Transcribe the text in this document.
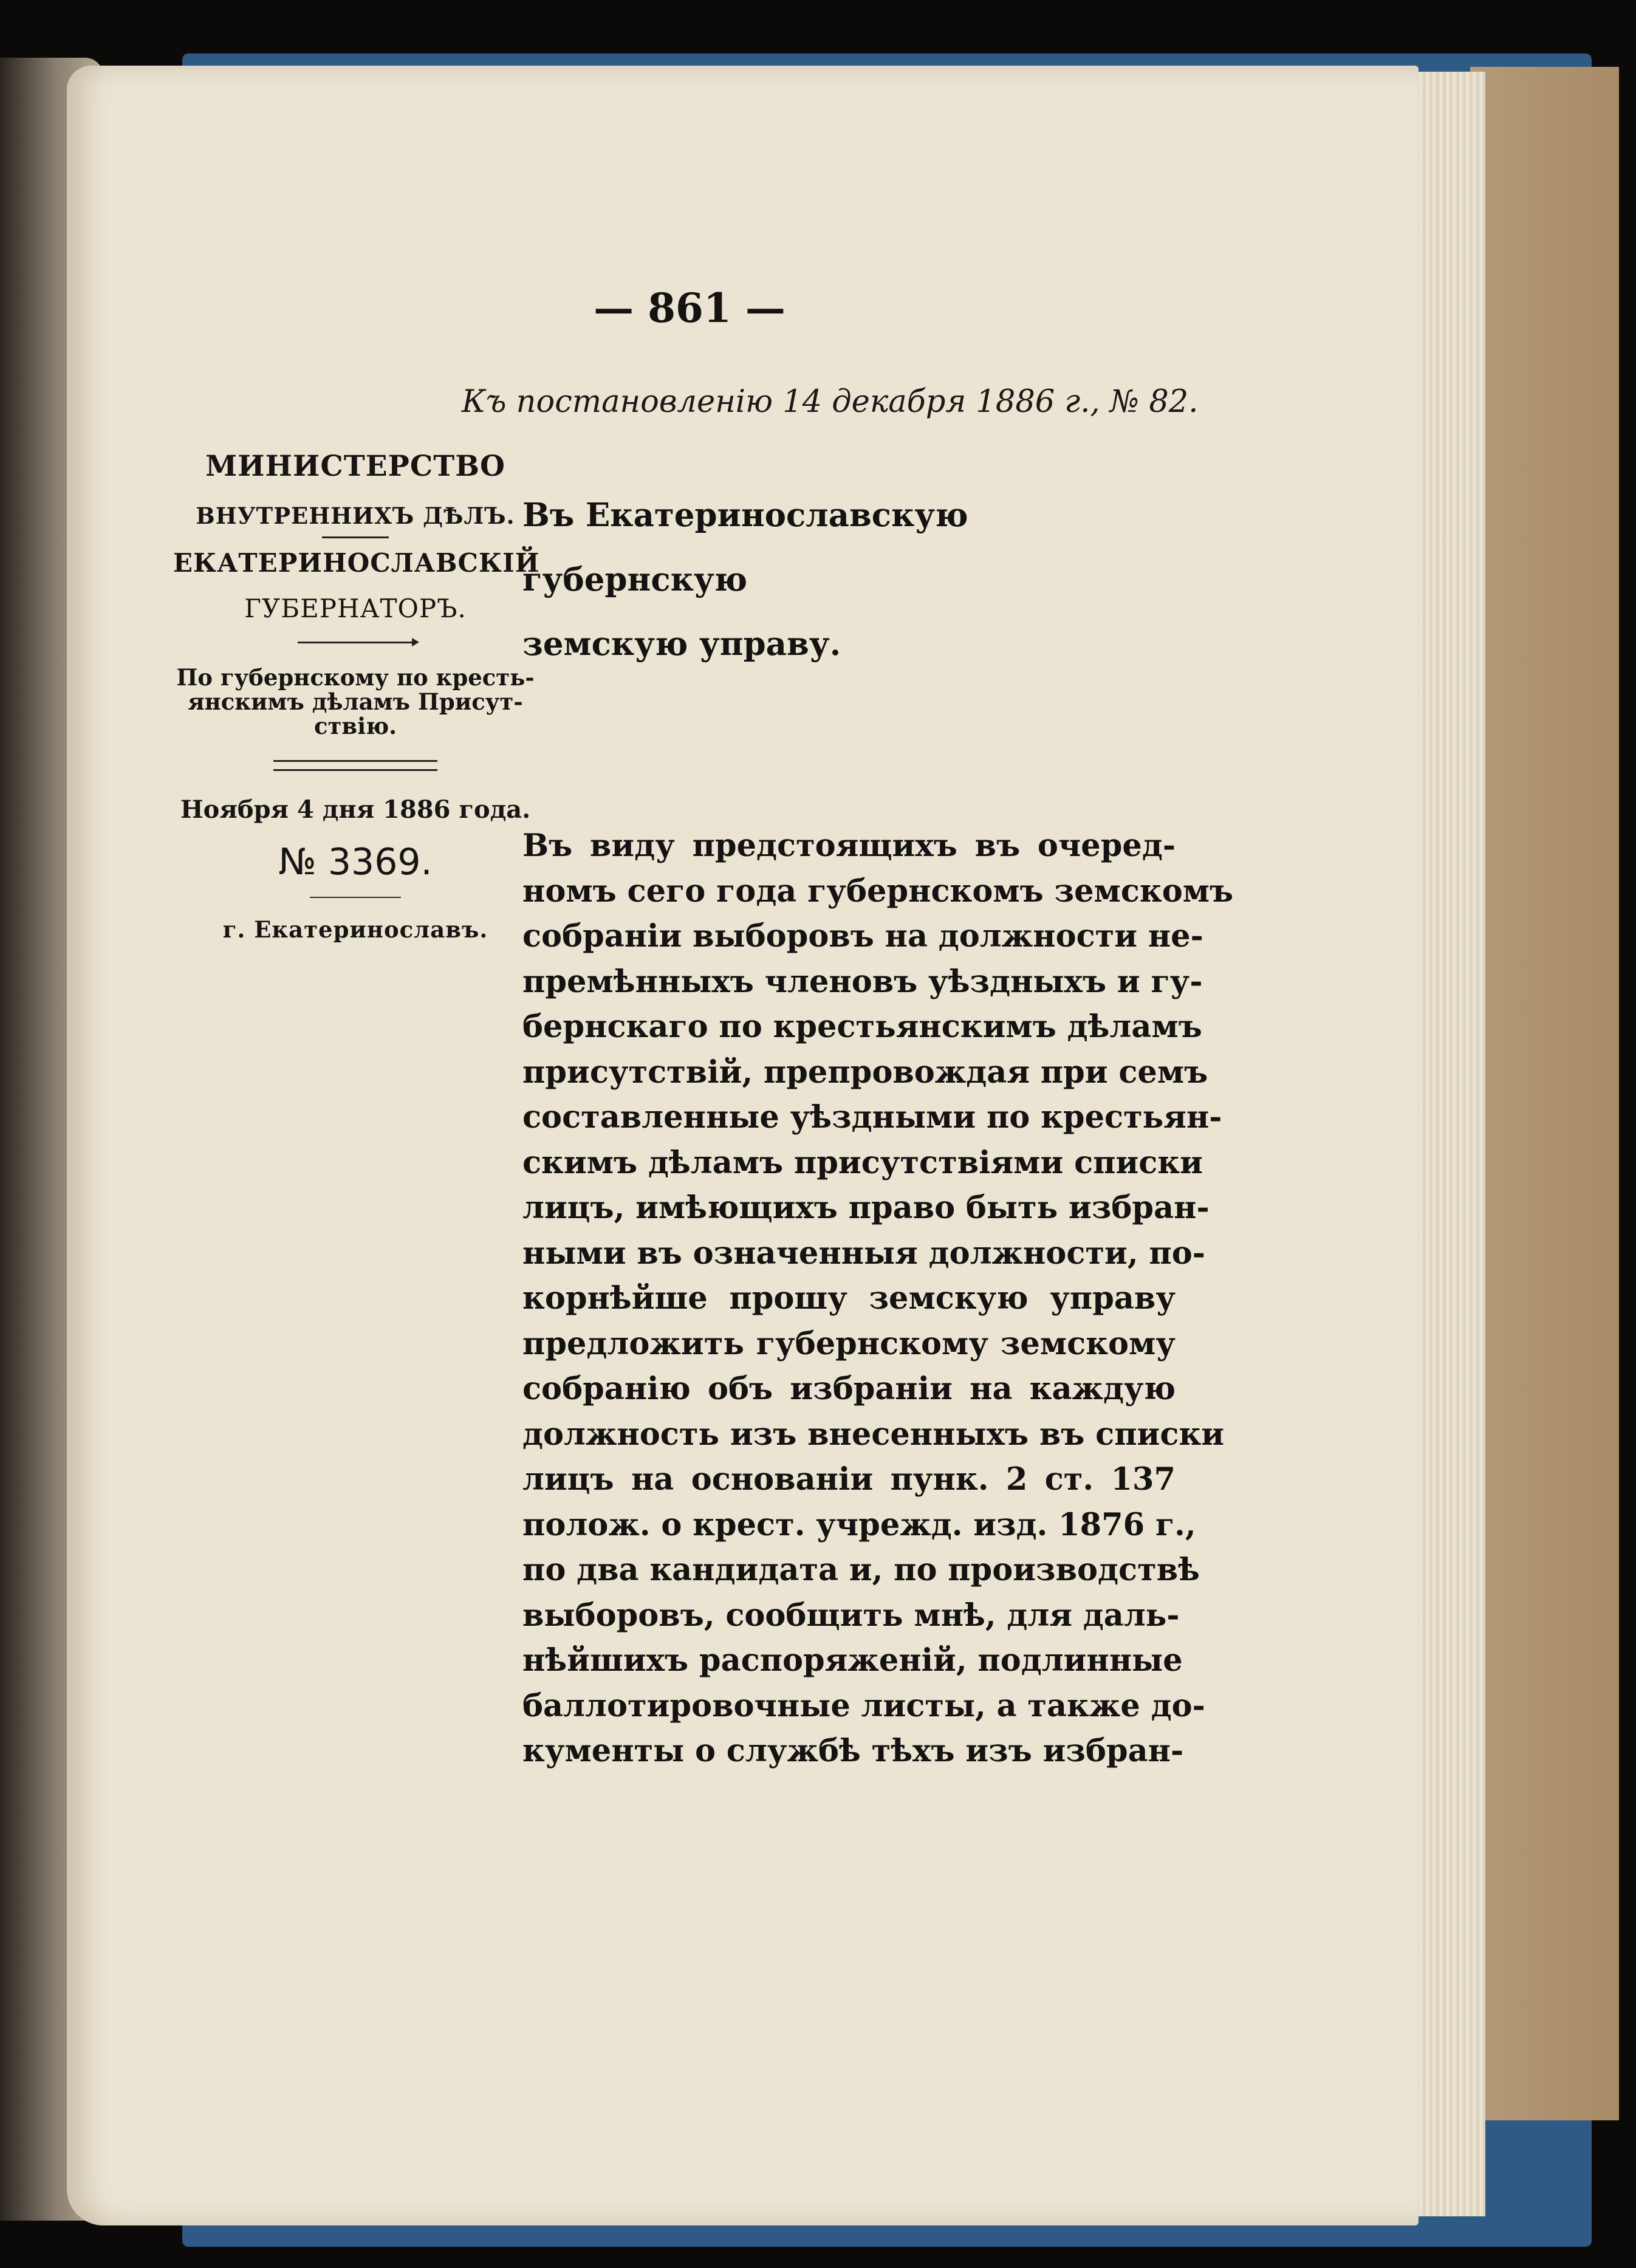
— 861 —
Къ постановленію 14 декабря 1886 г., № 82.
МИНИСТЕРСТВО
ВНУТРЕННИХЪ ДѢЛЪ.
ЕКАТЕРИНОСЛАВСКІЙ
ГУБЕРНАТОРЪ.
По губернскому по кресть-
янскимъ дѣламъ Присут-
ствію.
Ноября 4 дня 1886 года.
№ 3369.
г. Екатеринославъ.
Въ Екатеринославскую губернскую
земскую управу.
Въ виду предстоящихъ въ очеред-
номъ сего года губернскомъ земскомъ
собраніи выборовъ на должности не-
премѣнныхъ членовъ уѣздныхъ и гу-
бернскаго по крестьянскимъ дѣламъ
присутствій, препровождая при семъ
составленные уѣздными по крестьян-
скимъ дѣламъ присутствіями списки
лицъ, имѣющихъ право быть избран-
ными въ означенныя должности, по-
корнѣйше прошу земскую управу
предложить губернскому земскому
собранію объ избраніи на каждую
должность изъ внесенныхъ въ списки
лицъ на основаніи пунк. 2 ст. 137
полож. о крест. учрежд. изд. 1876 г.,
по два кандидата и, по производствѣ
выборовъ, сообщить мнѣ, для даль-
нѣйшихъ распоряженій, подлинные
баллотировочные листы, а также до-
кументы о службѣ тѣхъ изъ избран-
